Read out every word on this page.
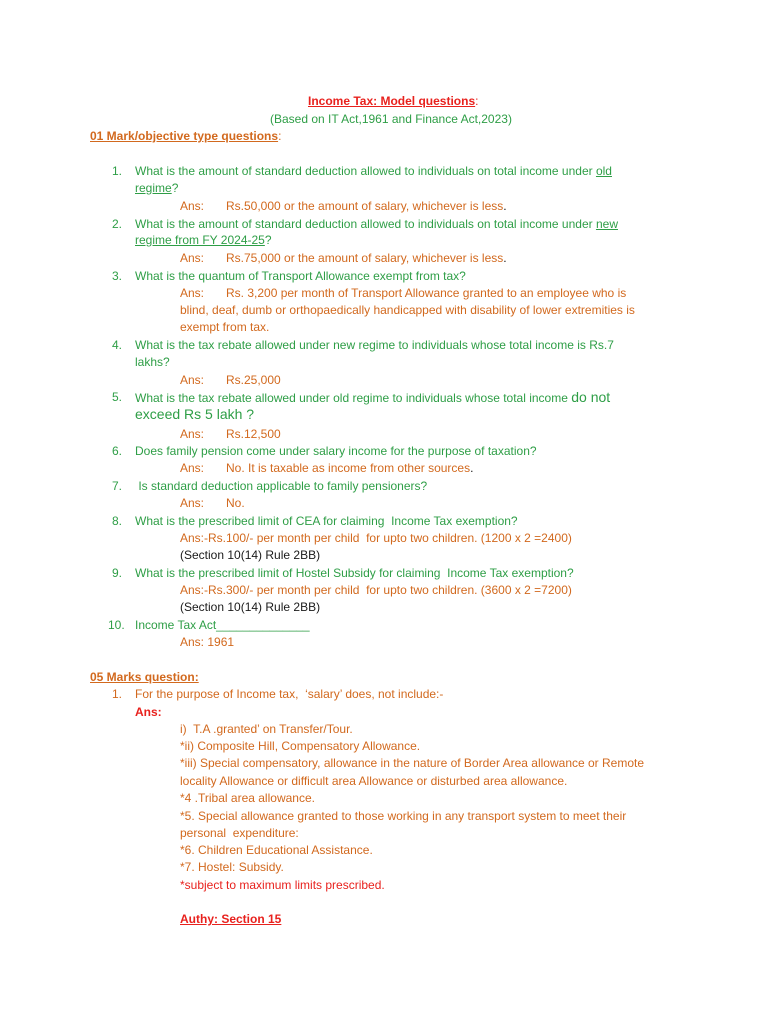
Income Tax: Model questions:
(Based on IT Act,1961 and Finance Act,2023)
01 Mark/objective type questions:
1. What is the amount of standard deduction allowed to individuals on total income under old
regime?
Ans: Rs.50,000 or the amount of salary, whichever is less.
2. What is the amount of standard deduction allowed to individuals on total income under new
regime from FY 2024-25?
Ans: Rs.75,000 or the amount of salary, whichever is less.
3. What is the quantum of Transport Allowance exempt from tax?
Ans: Rs. 3,200 per month of Transport Allowance granted to an employee who is
blind, deaf, dumb or orthopaedically handicapped with disability of lower extremities is
exempt from tax.
4. What is the tax rebate allowed under new regime to individuals whose total income is Rs.7
lakhs?
Ans: Rs.25,000
5. What is the tax rebate allowed under old regime to individuals whose total income do not
exceed Rs 5 lakh ?
Ans: Rs.12,500
6. Does family pension come under salary income for the purpose of taxation?
Ans: No. It is taxable as income from other sources.
7. Is standard deduction applicable to family pensioners?
Ans: No.
8. What is the prescribed limit of CEA for claiming  Income Tax exemption?
Ans:-Rs.100/- per month per child  for upto two children. (1200 x 2 =2400)
(Section 10(14) Rule 2BB)
9. What is the prescribed limit of Hostel Subsidy for claiming  Income Tax exemption?
Ans:-Rs.300/- per month per child  for upto two children. (3600 x 2 =7200)
(Section 10(14) Rule 2BB)
10. Income Tax Act______________
Ans: 1961
05 Marks question:
1. For the purpose of Income tax,  ‘salary’ does, not include:-
Ans:
i)  T.A .granted’ on Transfer/Tour.
*ii) Composite Hill, Compensatory Allowance.
*iii) Special compensatory, allowance in the nature of Border Area allowance or Remote
locality Allowance or difficult area Allowance or disturbed area allowance.
*4 .Tribal area allowance.
*5. Special allowance granted to those working in any transport system to meet their
personal  expenditure:
*6. Children Educational Assistance.
*7. Hostel: Subsidy.
*subject to maximum limits prescribed.
Authy: Section 15
